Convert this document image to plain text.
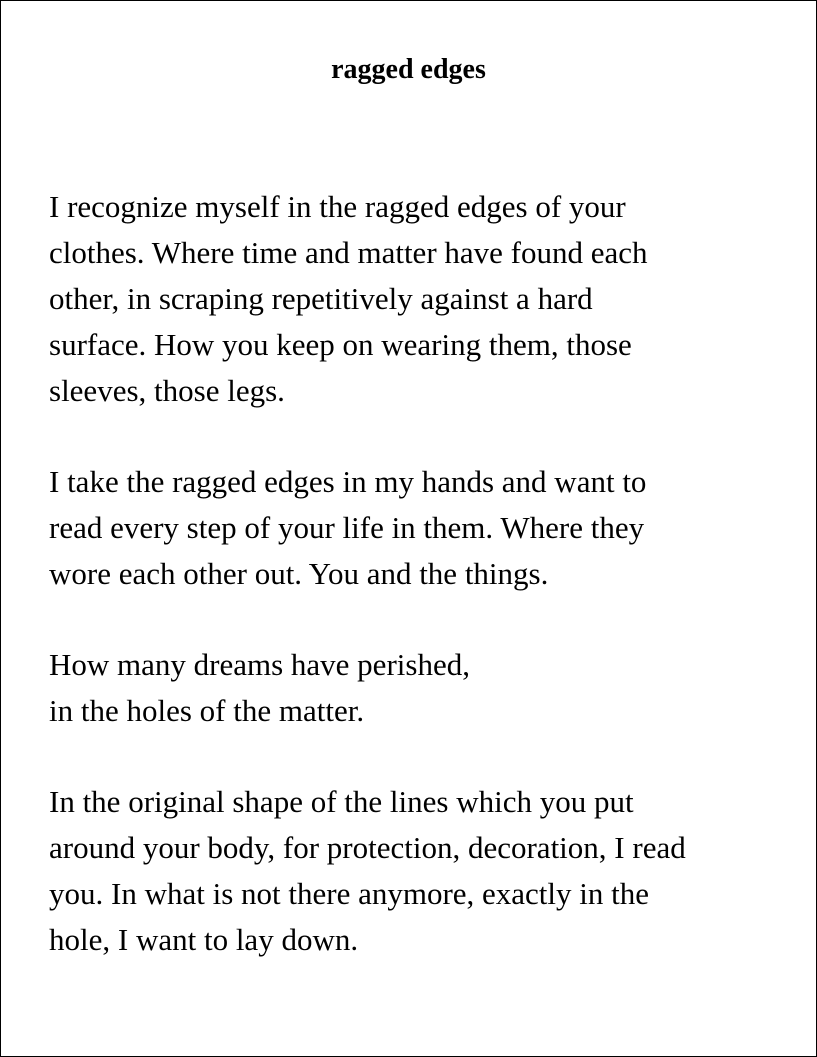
ragged edges

I recognize myself in the ragged edges of your
clothes. Where time and matter have found each
other, in scraping repetitively against a hard
surface. How you keep on wearing them, those
sleeves, those legs.

I take the ragged edges in my hands and want to
read every step of your life in them. Where they
wore each other out. You and the things.

How many dreams have perished,
in the holes of the matter.

In the original shape of the lines which you put
around your body, for protection, decoration, I read
you. In what is not there anymore, exactly in the
hole, I want to lay down.
